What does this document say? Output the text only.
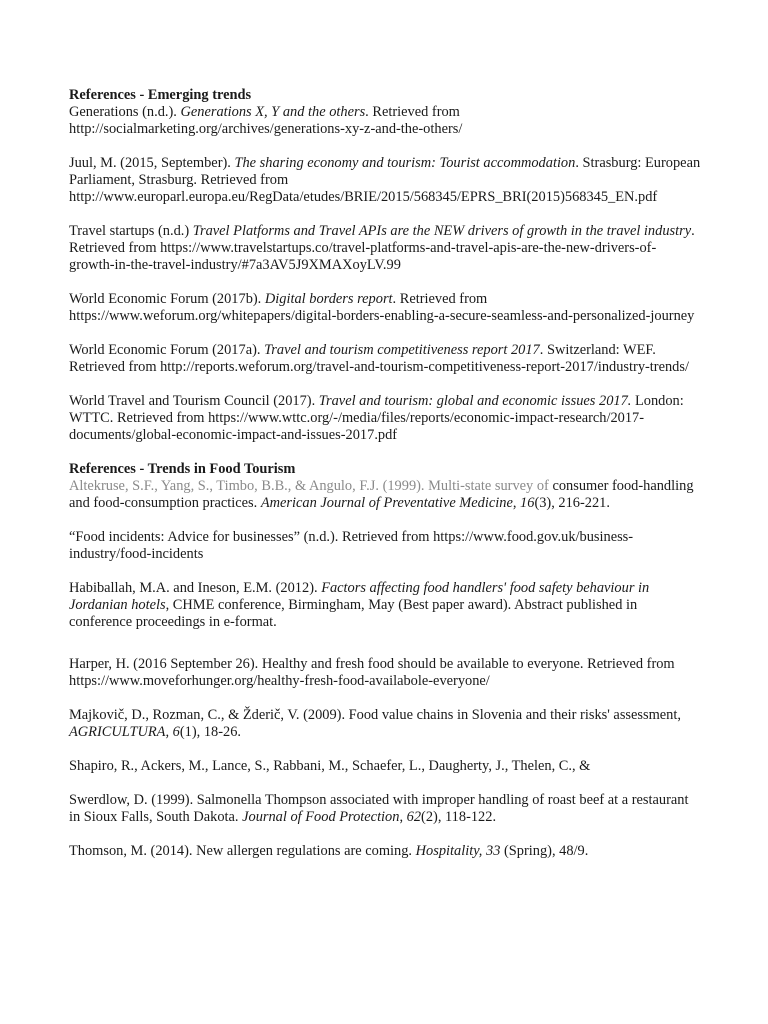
References - Emerging trends

Generations (n.d.). Generations X, Y and the others. Retrieved from http://socialmarketing.org/archives/generations-xy-z-and-the-others/

Juul, M. (2015, September). The sharing economy and tourism: Tourist accommodation. Strasburg: European Parliament, Strasburg. Retrieved from http://www.europarl.europa.eu/RegData/etudes/BRIE/2015/568345/EPRS_BRI(2015)568345_EN.pdf

Travel startups (n.d.) Travel Platforms and Travel APIs are the NEW drivers of growth in the travel industry. Retrieved from https://www.travelstartups.co/travel-platforms-and-travel-apis-are-the-new-drivers-of-growth-in-the-travel-industry/#7a3AV5J9XMAXoyLV.99

World Economic Forum (2017b). Digital borders report. Retrieved from https://www.weforum.org/whitepapers/digital-borders-enabling-a-secure-seamless-and-personalized-journey

World Economic Forum (2017a). Travel and tourism competitiveness report 2017. Switzerland: WEF. Retrieved from http://reports.weforum.org/travel-and-tourism-competitiveness-report-2017/industry-trends/

World Travel and Tourism Council (2017). Travel and tourism: global and economic issues 2017. London: WTTC. Retrieved from https://www.wttc.org/-/media/files/reports/economic-impact-research/2017-documents/global-economic-impact-and-issues-2017.pdf

References - Trends in Food Tourism

Altekruse, S.F., Yang, S., Timbo, B.B., & Angulo, F.J. (1999). Multi-state survey of consumer food-handling and food-consumption practices. American Journal of Preventative Medicine, 16(3), 216-221.

“Food incidents: Advice for businesses” (n.d.). Retrieved from https://www.food.gov.uk/business-industry/food-incidents

Habiballah, M.A. and Ineson, E.M. (2012). Factors affecting food handlers' food safety behaviour in Jordanian hotels, CHME conference, Birmingham, May (Best paper award). Abstract published in conference proceedings in e-format.

Harper, H. (2016 September 26). Healthy and fresh food should be available to everyone. Retrieved from https://www.moveforhunger.org/healthy-fresh-food-availabole-everyone/

Majkovič, D., Rozman, C., & Žderič, V. (2009). Food value chains in Slovenia and their risks' assessment, AGRICULTURA, 6(1), 18-26.

Shapiro, R., Ackers, M., Lance, S., Rabbani, M., Schaefer, L., Daugherty, J., Thelen, C., &

Swerdlow, D. (1999). Salmonella Thompson associated with improper handling of roast beef at a restaurant in Sioux Falls, South Dakota. Journal of Food Protection, 62(2), 118-122.

Thomson, M. (2014). New allergen regulations are coming. Hospitality, 33 (Spring), 48/9.
